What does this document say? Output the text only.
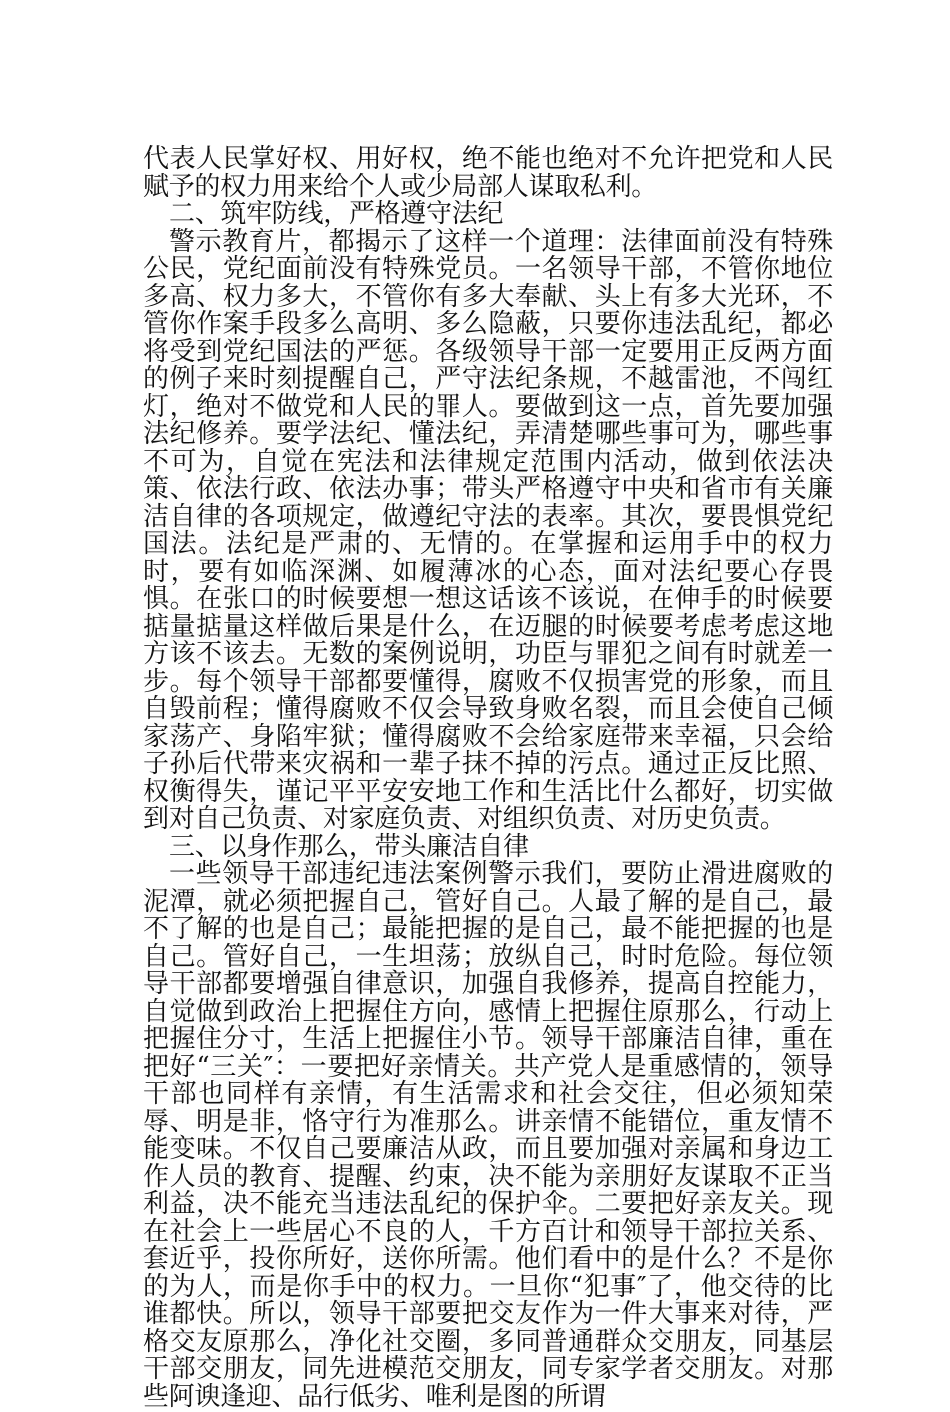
代表人民掌好权、用好权，绝不能也绝对不允许把党和人民赋予的权力用来给个人或少局部人谋取私利。

二、筑牢防线，严格遵守法纪

警示教育片，都揭示了这样一个道理：法律面前没有特殊公民，党纪面前没有特殊党员。一名领导干部，不管你地位多高、权力多大，不管你有多大奉献、头上有多大光环，不管你作案手段多么高明、多么隐蔽，只要你违法乱纪，都必将受到党纪国法的严惩。各级领导干部一定要用正反两方面的例子来时刻提醒自己，严守法纪条规，不越雷池，不闯红灯，绝对不做党和人民的罪人。要做到这一点，首先要加强法纪修养。要学法纪、懂法纪，弄清楚哪些事可为，哪些事不可为，自觉在宪法和法律规定范围内活动，做到依法决策、依法行政、依法办事；带头严格遵守中央和省市有关廉洁自律的各项规定，做遵纪守法的表率。其次，要畏惧党纪国法。法纪是严肃的、无情的。在掌握和运用手中的权力时，要有如临深渊、如履薄冰的心态，面对法纪要心存畏惧。在张口的时候要想一想这话该不该说，在伸手的时候要掂量掂量这样做后果是什么，在迈腿的时候要考虑考虑这地方该不该去。无数的案例说明，功臣与罪犯之间有时就差一步。每个领导干部都要懂得，腐败不仅损害党的形象，而且自毁前程；懂得腐败不仅会导致身败名裂，而且会使自己倾家荡产、身陷牢狱；懂得腐败不会给家庭带来幸福，只会给子孙后代带来灾祸和一辈子抹不掉的污点。通过正反比照、权衡得失，谨记平平安安地工作和生活比什么都好，切实做到对自己负责、对家庭负责、对组织负责、对历史负责。

三、以身作那么，带头廉洁自律

一些领导干部违纪违法案例警示我们，要防止滑进腐败的泥潭，就必须把握自己，管好自己。人最了解的是自己，最不了解的也是自己；最能把握的是自己，最不能把握的也是自己。管好自己，一生坦荡；放纵自己，时时危险。每位领导干部都要增强自律意识，加强自我修养，提高自控能力，自觉做到政治上把握住方向，感情上把握住原那么，行动上把握住分寸，生活上把握住小节。领导干部廉洁自律，重在把好“三关″：一要把好亲情关。共产党人是重感情的，领导干部也同样有亲情，有生活需求和社会交往，但必须知荣辱、明是非，恪守行为准那么。讲亲情不能错位，重友情不能变味。不仅自己要廉洁从政，而且要加强对亲属和身边工作人员的教育、提醒、约束，决不能为亲朋好友谋取不正当利益，决不能充当违法乱纪的保护伞。二要把好亲友关。现在社会上一些居心不良的人，千方百计和领导干部拉关系、套近乎，投你所好，送你所需。他们看中的是什么？不是你的为人，而是你手中的权力。一旦你“犯事″了，他交待的比谁都快。所以，领导干部要把交友作为一件大事来对待，严格交友原那么，净化社交圈，多同普通群众交朋友，同基层干部交朋友，同先进模范交朋友，同专家学者交朋友。对那些阿谀逢迎、品行低劣、唯利是图的所谓
